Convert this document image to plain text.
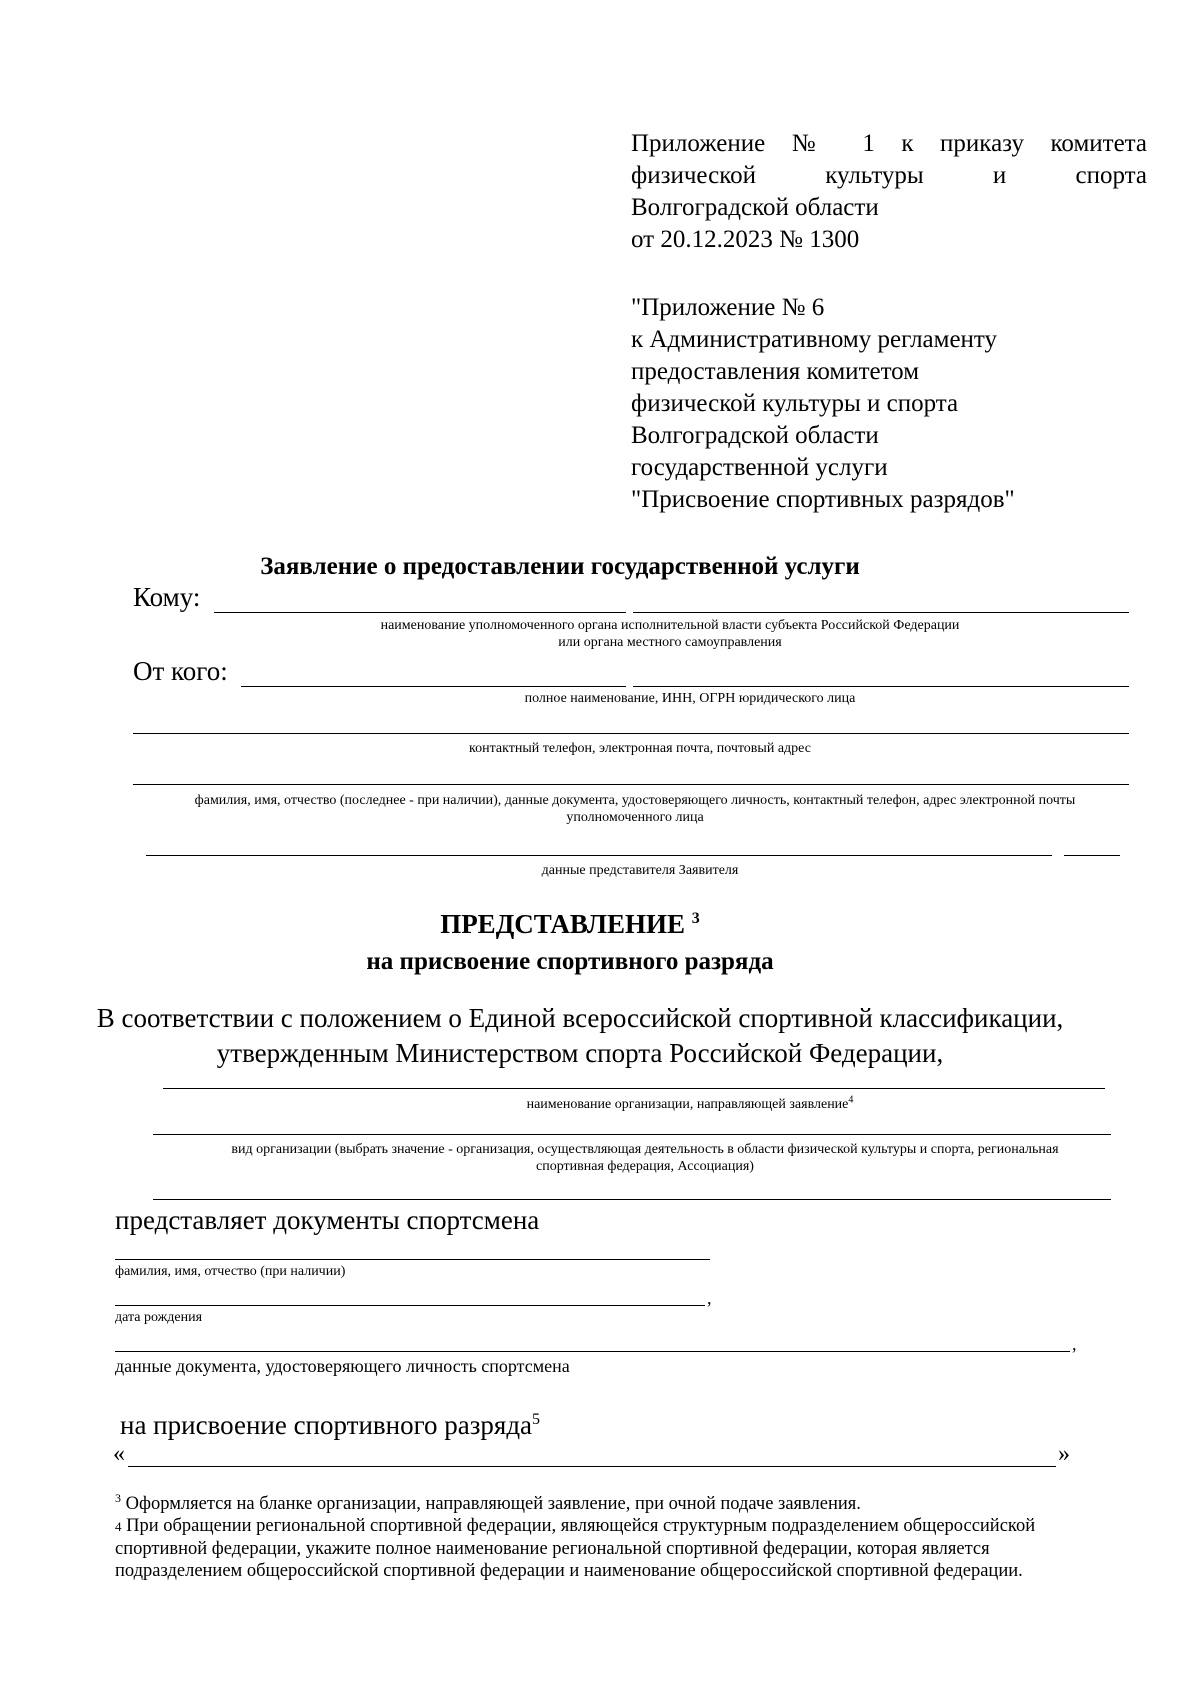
Приложение № 1 к приказу комитета
физической культуры и спорта
Волгоградской области
от 20.12.2023 № 1300
"Приложение № 6
к Административному регламенту
предоставления комитетом
физической культуры и спорта
Волгоградской области
государственной услуги
"Присвоение спортивных разрядов"
Заявление о предоставлении государственной услуги
Кому:
наименование уполномоченного органа исполнительной власти субъекта Российской Федерации
или органа местного самоуправления
От кого:
полное наименование, ИНН, ОГРН юридического лица
контактный телефон, электронная почта, почтовый адрес
фамилия, имя, отчество (последнее - при наличии), данные документа, удостоверяющего личность, контактный телефон, адрес электронной почты
уполномоченного лица
данные представителя Заявителя
ПРЕДСТАВЛЕНИЕ $^3$
на присвоение спортивного разряда
В соответствии с положением о Единой всероссийской спортивной классификации,
утвержденным Министерством спорта Российской Федерации,
наименование организации, направляющей заявление$^4$
вид организации (выбрать значение - организация, осуществляющая деятельность в области физической культуры и спорта, региональная
спортивная федерация, Ассоциация)
представляет документы спортсмена
фамилия, имя, отчество (при наличии)
,
дата рождения
,
данные документа, удостоверяющего личность спортсмена
на присвоение спортивного разряда$^5$
«	»
$^3$ Оформляется на бланке организации, направляющей заявление, при очной подаче заявления.
4 При обращении региональной спортивной федерации, являющейся структурным подразделением общероссийской
спортивной федерации, укажите полное наименование региональной спортивной федерации, которая является
подразделением общероссийской спортивной федерации и наименование общероссийской спортивной федерации.
